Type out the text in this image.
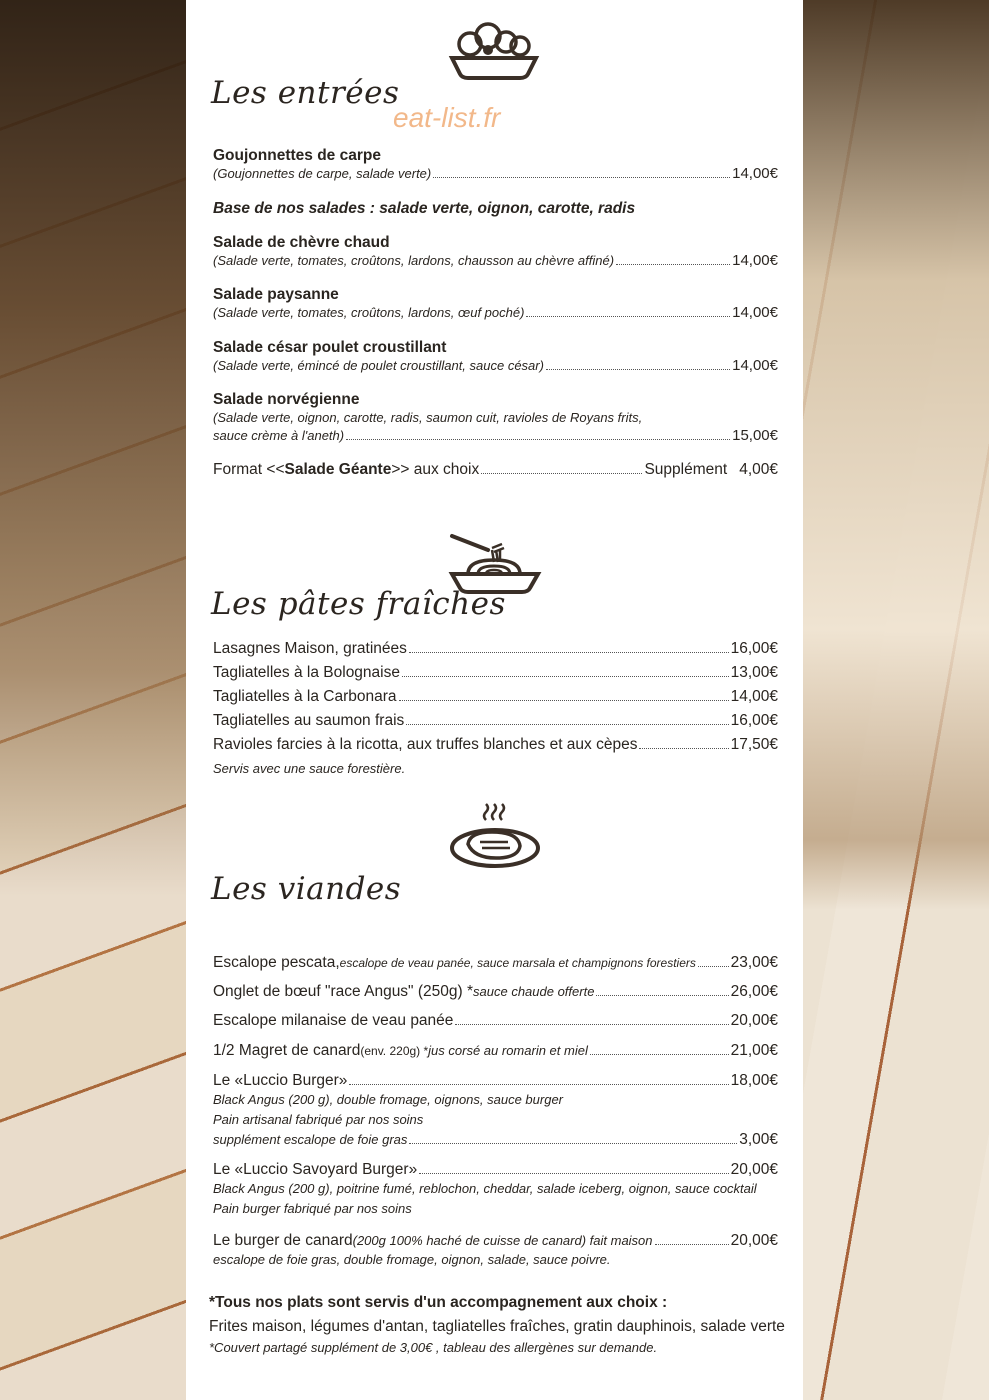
Les entrées
eat-list.fr
Goujonnettes de carpe
(Goujonnettes de carpe, salade verte)	14,00€
Base de nos salades : salade verte, oignon, carotte, radis
Salade de chèvre chaud
(Salade verte, tomates, croûtons, lardons, chausson au chèvre affiné)	14,00€
Salade paysanne
(Salade verte, tomates, croûtons, lardons, œuf poché)	14,00€
Salade césar poulet croustillant
(Salade verte, émincé de poulet croustillant, sauce césar)	14,00€
Salade norvégienne
(Salade verte, oignon, carotte, radis, saumon cuit, ravioles de Royans frits,
sauce crème à l'aneth)	15,00€
Format << Salade Géante >> aux choix	Supplément 4,00€
Les pâtes fraîches
Lasagnes Maison, gratinées	16,00€
Tagliatelles à la Bolognaise	13,00€
Tagliatelles à la Carbonara	14,00€
Tagliatelles au saumon frais	16,00€
Ravioles farcies à la ricotta, aux truffes blanches et aux cèpes	17,50€
Servis avec une sauce forestière.
Les viandes
Escalope pescata, escalope de veau panée, sauce marsala et champignons forestiers 23,00€
Onglet de bœuf "race Angus" (250g) * sauce chaude offerte	26,00€
Escalope milanaise de veau panée	20,00€
1/2 Magret de canard (env. 220g) * jus corsé au romarin et miel	21,00€
Le «Luccio Burger»	18,00€
Black Angus (200 g), double fromage, oignons, sauce burger
Pain artisanal fabriqué par nos soins
supplément escalope de foie gras	3,00€
Le «Luccio Savoyard Burger»	20,00€
Black Angus (200 g), poitrine fumé, reblochon, cheddar, salade iceberg, oignon, sauce cocktail
Pain burger fabriqué par nos soins
Le burger de canard (200g 100% haché de cuisse de canard) fait maison	20,00€
escalope de foie gras, double fromage, oignon, salade, sauce poivre.
*Tous nos plats sont servis d'un accompagnement aux choix :
Frites maison, légumes d'antan, tagliatelles fraîches, gratin dauphinois, salade verte
*Couvert partagé supplément de 3,00€ , tableau des allergènes sur demande.
